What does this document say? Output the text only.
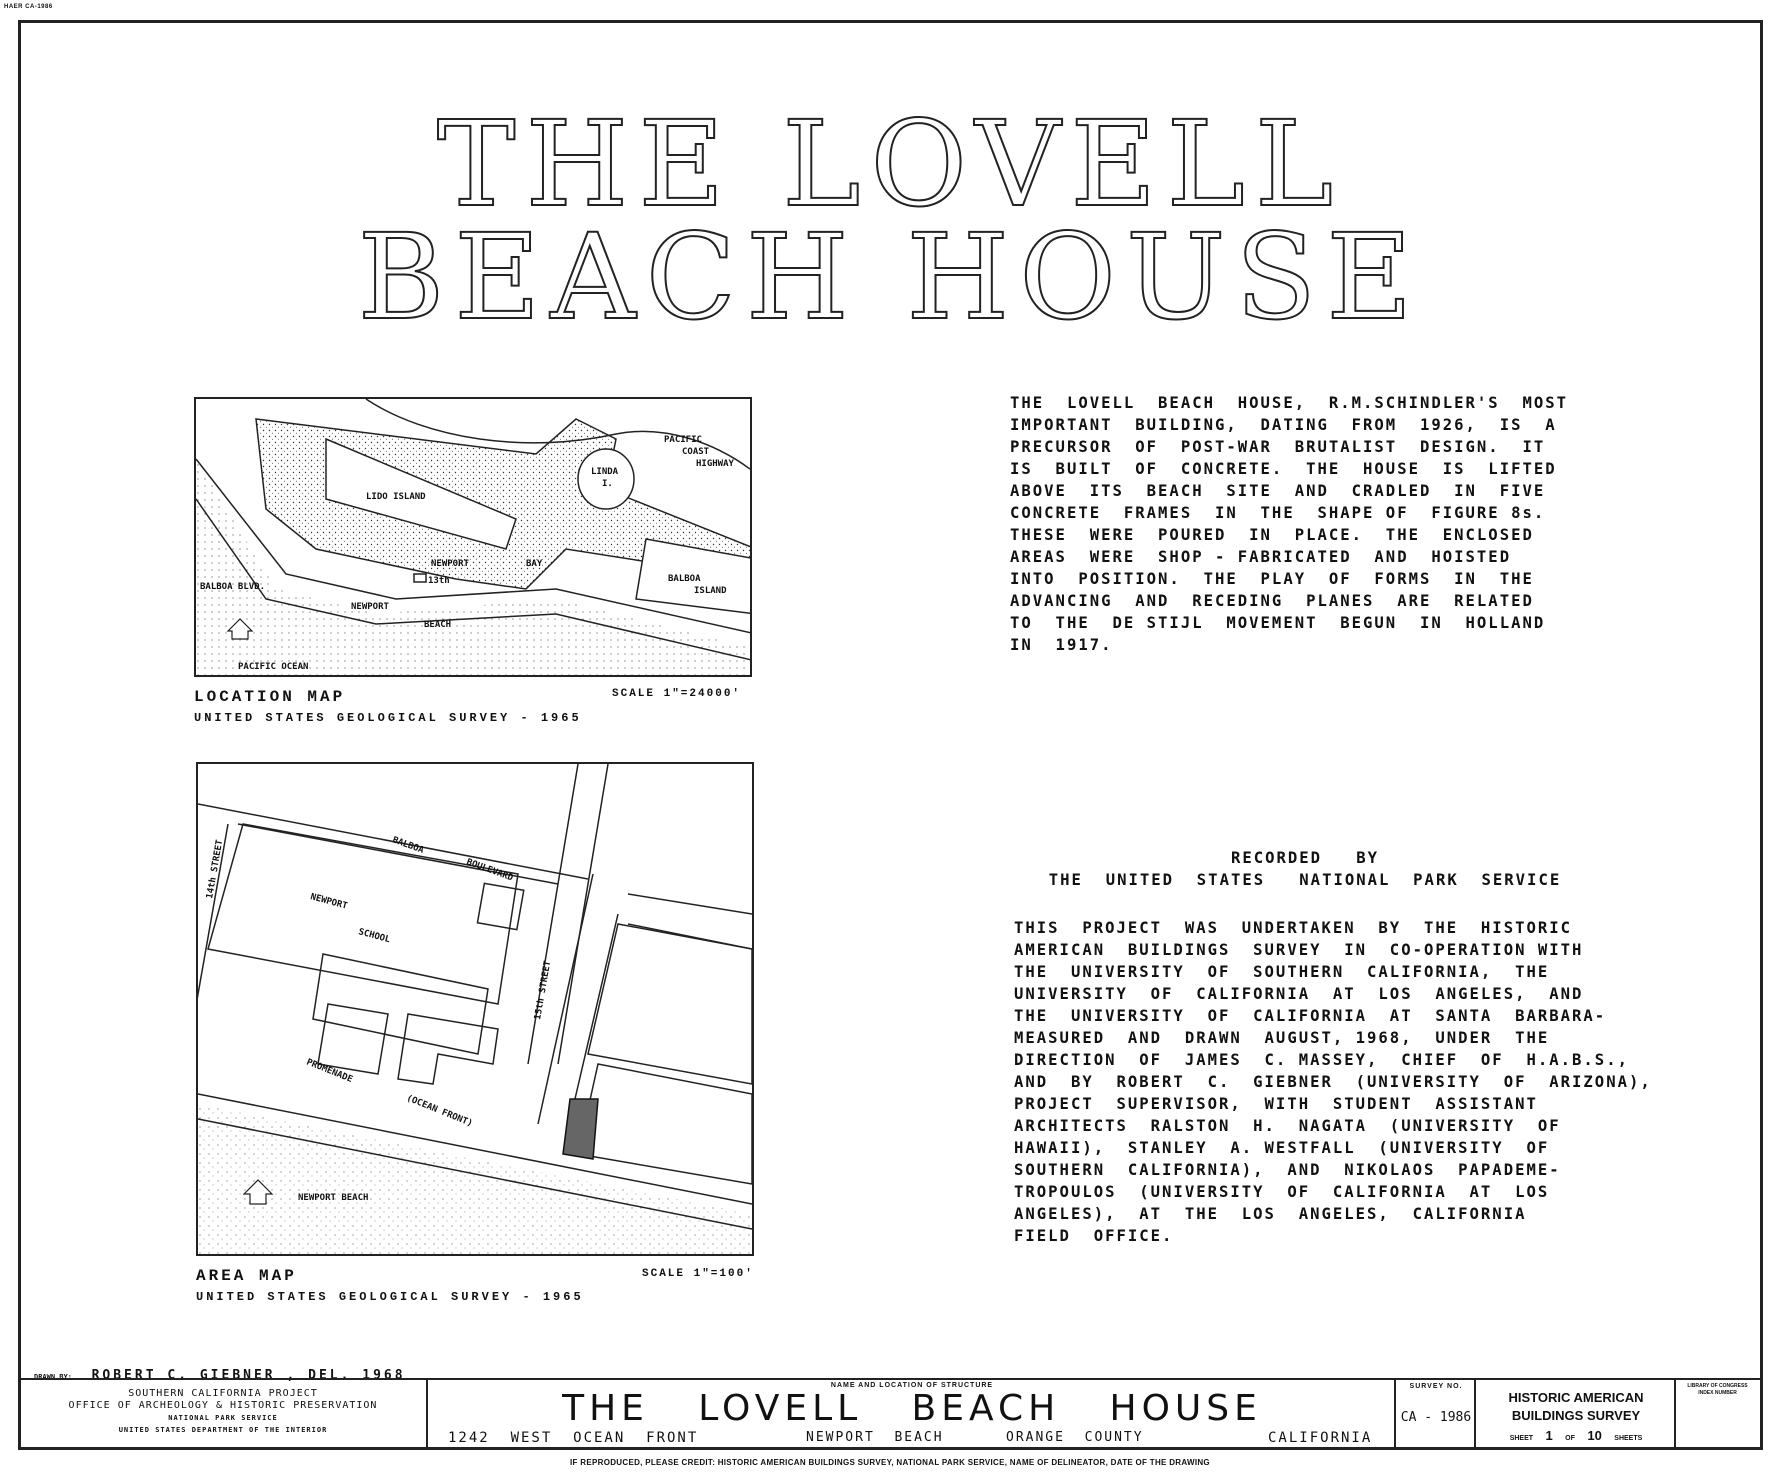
HAER CA-1986
THE LOVELL
BEACH HOUSE
PACIFIC
COAST
HIGHWAY
LINDA
I.
LIDO ISLAND
NEWPORT	BAY
BALBOA
ISLAND
BALBOA BLVD.
13th
NEWPORT
BEACH
PACIFIC OCEAN
LOCATION MAP	SCALE 1"=24000'
UNITED STATES GEOLOGICAL SURVEY - 1965
14th STREET	BALBOA
BOULEVARD
NEWPORT
SCHOOL
15th STREET
PROMENADE
(OCEAN FRONT)
NEWPORT BEACH
AREA MAP	SCALE 1"=100'
UNITED STATES GEOLOGICAL SURVEY - 1965
THE  LOVELL  BEACH  HOUSE,  R.M.SCHINDLER'S  MOST
IMPORTANT  BUILDING,  DATING  FROM  1926,  IS  A
PRECURSOR  OF  POST-WAR  BRUTALIST  DESIGN.  IT
IS  BUILT  OF  CONCRETE.  THE  HOUSE  IS  LIFTED
ABOVE  ITS  BEACH  SITE  AND  CRADLED  IN  FIVE
CONCRETE  FRAMES  IN  THE  SHAPE OF  FIGURE 8s.
THESE  WERE  POURED  IN  PLACE.  THE  ENCLOSED
AREAS  WERE  SHOP - FABRICATED  AND  HOISTED
INTO  POSITION.  THE  PLAY  OF  FORMS  IN  THE
ADVANCING  AND  RECEDING  PLANES  ARE  RELATED
TO  THE  DE STIJL  MOVEMENT  BEGUN  IN  HOLLAND
IN  1917.
RECORDED   BY
THE  UNITED  STATES   NATIONAL  PARK  SERVICE
THIS  PROJECT  WAS  UNDERTAKEN  BY  THE  HISTORIC
AMERICAN  BUILDINGS  SURVEY  IN  CO-OPERATION WITH
THE  UNIVERSITY  OF  SOUTHERN  CALIFORNIA,  THE
UNIVERSITY  OF  CALIFORNIA  AT  LOS  ANGELES,  AND
THE  UNIVERSITY  OF  CALIFORNIA  AT  SANTA  BARBARA-
MEASURED  AND  DRAWN  AUGUST, 1968,  UNDER  THE
DIRECTION  OF  JAMES  C. MASSEY,  CHIEF  OF  H.A.B.S.,
AND  BY  ROBERT  C.  GIEBNER  (UNIVERSITY  OF  ARIZONA),
PROJECT  SUPERVISOR,  WITH  STUDENT  ASSISTANT
ARCHITECTS  RALSTON  H.  NAGATA  (UNIVERSITY  OF
HAWAII),  STANLEY  A. WESTFALL  (UNIVERSITY  OF
SOUTHERN  CALIFORNIA),  AND  NIKOLAOS  PAPADEME-
TROPOULOS  (UNIVERSITY  OF  CALIFORNIA  AT  LOS
ANGELES),  AT  THE  LOS  ANGELES,  CALIFORNIA
FIELD  OFFICE.
DRAWN BY: ROBERT C. GIEBNER , DEL. 1968
SOUTHERN CALIFORNIA PROJECT
OFFICE OF ARCHEOLOGY & HISTORIC PRESERVATION
NATIONAL PARK SERVICE
UNITED STATES DEPARTMENT OF THE INTERIOR
NAME AND LOCATION OF STRUCTURE
THE   LOVELL   BEACH   HOUSE
1242  WEST  OCEAN  FRONT	NEWPORT  BEACH	ORANGE  COUNTY	CALIFORNIA
SURVEY NO.
CA - 1986
HISTORIC AMERICAN
BUILDINGS SURVEY
SHEET 1 OF 10 SHEETS
LIBRARY OF CONGRESS
INDEX NUMBER
IF REPRODUCED, PLEASE CREDIT: HISTORIC AMERICAN BUILDINGS SURVEY, NATIONAL PARK SERVICE, NAME OF DELINEATOR, DATE OF THE DRAWING
